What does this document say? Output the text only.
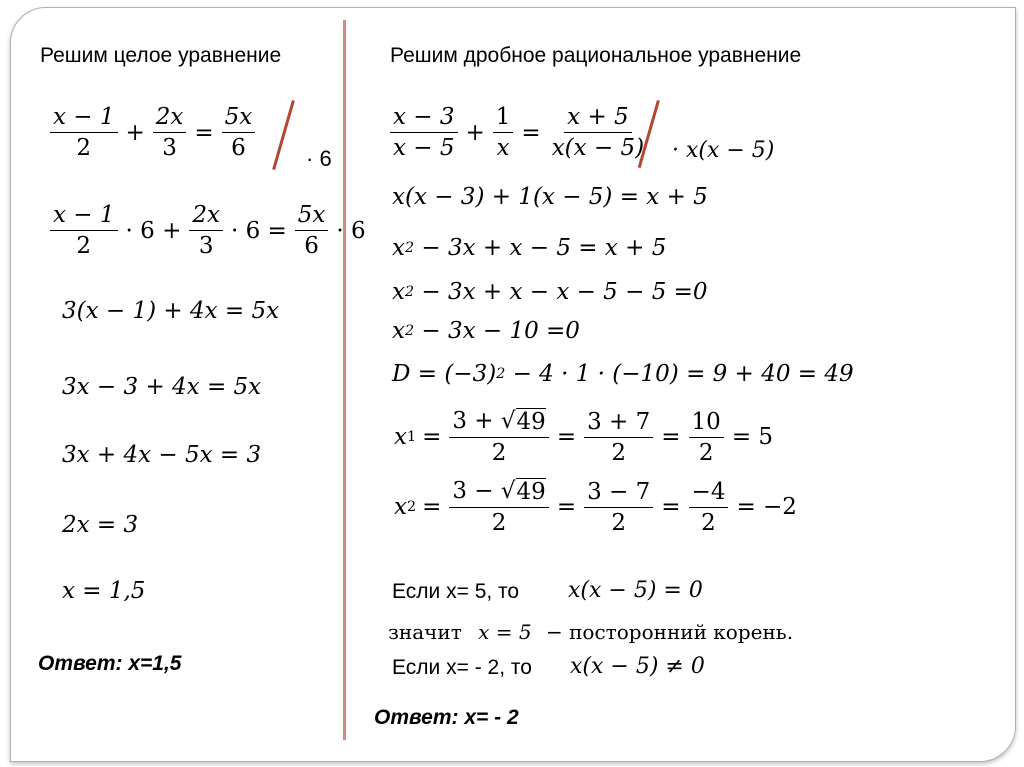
Решим целое уравнение
$\frac{x - 1}{2} + \frac{2x}{3} = \frac{5x}{6} \cdot 6$
$\frac{x - 1}{2} \cdot 6 + \frac{2x}{3} \cdot 6 = \frac{5x}{6} \cdot 6$
3(x − 1) + 4x = 5x
3x − 3 + 4x = 5x
3x + 4x − 5x = 3
2x = 3
x = 1,5
Ответ: х=1,5
Решим дробное рациональное уравнение
$\frac{x - 3}{x - 5} + \frac{1}{x} = \frac{x + 5}{x(x - 5)} \cdot x(x - 5)$
x(x − 3) + 1(x − 5) = x + 5
x 2 − 3x + x − 5 = x + 5
x 2 − 3x + x − x − 5 − 5 =0
x 2 − 3x − 10 =0
D = (−3) 2 − 4 · 1 · (−10) = 9 + 40 = 49
x $1 = \frac{3 + √ 49}{2} = \frac{3 + 7}{2} = \frac{10}{2} = 5$
x $2 = \frac{3 - √ 49}{2} = \frac{3 - 7}{2} = \frac{-4}{2} = -2$
Если х= 5, то x(x − 5) = 0
значит x = 5 − посторонний корень.
Если х= - 2, то x(x − 5) ≠ 0
Ответ: х= - 2
